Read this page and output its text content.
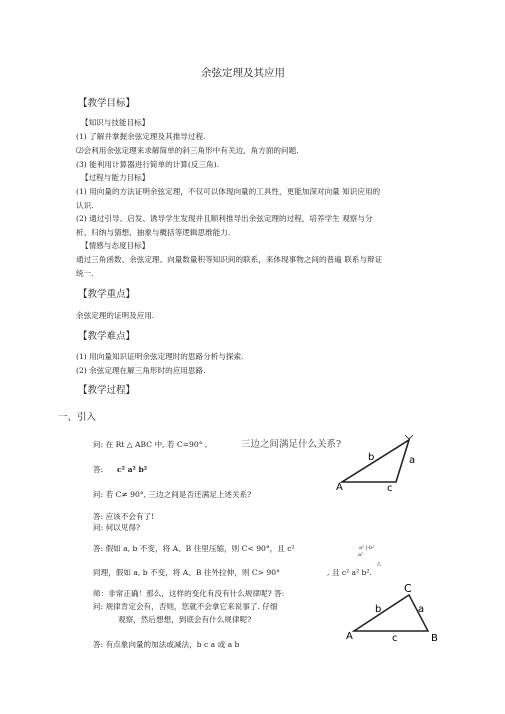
余弦定理及其应用
【教学目标】
【知识与技能目标】
(1) 了解并掌握余弦定理及其推导过程.
⑵会利用余弦定理来求解简单的斜三角形中有关边、角方面的问题.
(3) 能利用计算器进行简单的计算(反三角).
【过程与能力目标】
(1) 用向量的方法证明余弦定理，不仅可以体现向量的工具性，更能加深对向量 知识应用的
认识.
(2) 通过引导、启发、诱导学生发现并且顺利推导出余弦定理的过程，培养学生 观察与分
析、归纳与猜想、抽象与概括等逻辑思维能力.
【情感与态度目标】
通过三角函数、余弦定理、向量数量积等知识间的联系，来体现事物之间的普遍 联系与辩证
统一.
【教学重点】
余弦定理的证明及应用.
【教学难点】
(1) 用向量知识证明余弦定理时的思路分析与探索.
(2) 余弦定理在解三角形时的应用思路.
【教学过程】
一、引入
问: 在 Rt △ ABC 中, 若 C=90° ,	三边之间满足什么关系?
答: c² a² b²
问: 若 C≠ 90°, 三边之间是否还满足上述关系?
答: 应该不会有了!
问: 何以见得?
答: 假如 a, b 不变，将 A、B 往里压缩，则 C< 90°，且 c²	a² |-b²
a²
△
同理，假如 a, b 不变，将 A、B 往外拉伸，则 C> 90°	, 且 c² a² b².
师：非常正确！那么，这样的变化有没有什么规律呢? 答:
问: 规律肯定会有，否则，您就不会拿它来说事了. 仔细
观察，然后想想，到底会有什么规律呢?
答: 有点象向量的加法或减法，b c a 或 a b
b	a
A	c
C
b	a
A	c	B
